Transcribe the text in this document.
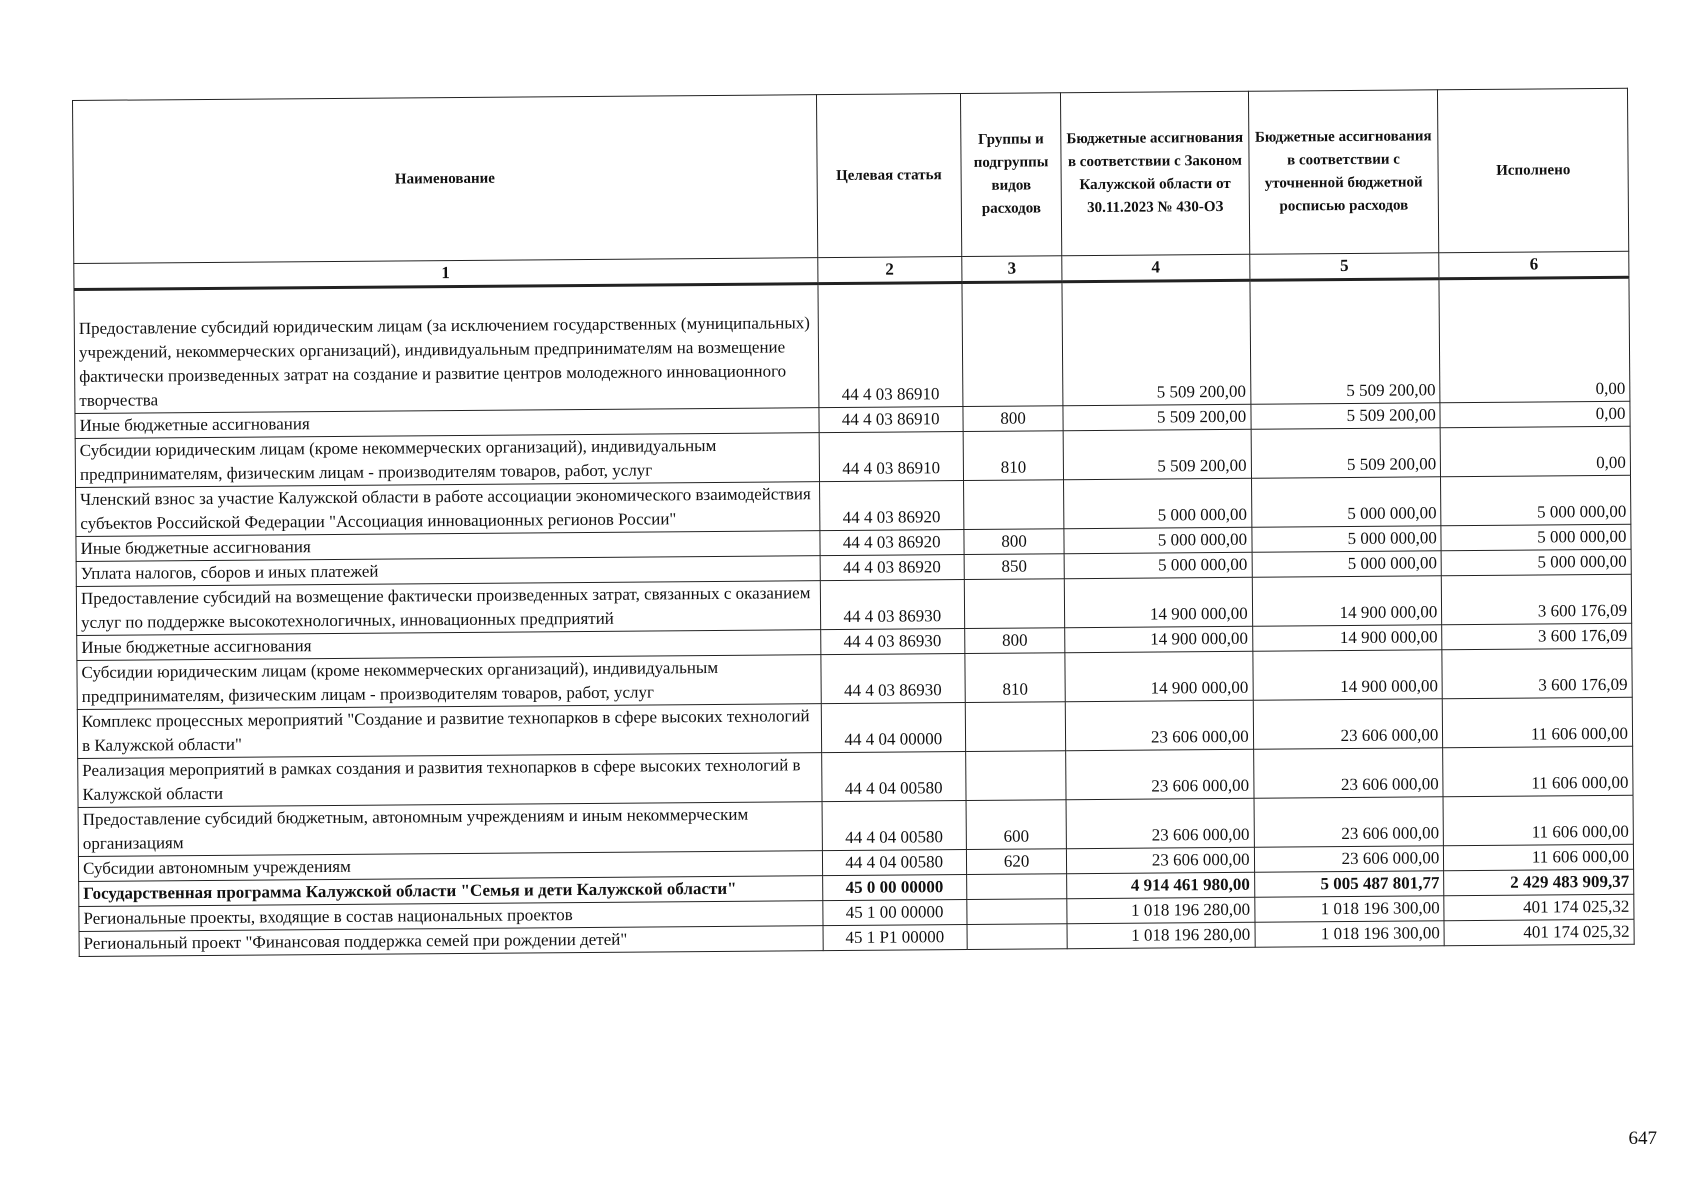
Наименование	Целевая статья	Группы и подгруппы видов расходов	Бюджетные ассигнования в соответствии с Законом Калужской области от 30.11.2023 № 430-ОЗ	Бюджетные ассигнования в соответствии с уточненной бюджетной росписью расходов	Исполнено
1	2	3	4	5	6
Предоставление субсидий юридическим лицам (за исключением государственных (муниципальных) учреждений, некоммерческих организаций), индивидуальным предпринимателям на возмещение фактически произведенных затрат на создание и развитие центров молодежного инновационного творчества	44 4 03 86910		5 509 200,00	5 509 200,00	0,00
Иные бюджетные ассигнования	44 4 03 86910	800	5 509 200,00	5 509 200,00	0,00
Субсидии юридическим лицам (кроме некоммерческих организаций), индивидуальным предпринимателям, физическим лицам - производителям товаров, работ, услуг	44 4 03 86910	810	5 509 200,00	5 509 200,00	0,00
Членский взнос за участие Калужской области в работе ассоциации экономического взаимодействия субъектов Российской Федерации "Ассоциация инновационных регионов России"	44 4 03 86920		5 000 000,00	5 000 000,00	5 000 000,00
Иные бюджетные ассигнования	44 4 03 86920	800	5 000 000,00	5 000 000,00	5 000 000,00
Уплата налогов, сборов и иных платежей	44 4 03 86920	850	5 000 000,00	5 000 000,00	5 000 000,00
Предоставление субсидий на возмещение фактически произведенных затрат, связанных с оказанием услуг по поддержке высокотехнологичных, инновационных предприятий	44 4 03 86930		14 900 000,00	14 900 000,00	3 600 176,09
Иные бюджетные ассигнования	44 4 03 86930	800	14 900 000,00	14 900 000,00	3 600 176,09
Субсидии юридическим лицам (кроме некоммерческих организаций), индивидуальным предпринимателям, физическим лицам - производителям товаров, работ, услуг	44 4 03 86930	810	14 900 000,00	14 900 000,00	3 600 176,09
Комплекс процессных мероприятий "Создание и развитие технопарков в сфере высоких технологий в Калужской области"	44 4 04 00000		23 606 000,00	23 606 000,00	11 606 000,00
Реализация мероприятий в рамках создания и развития технопарков в сфере высоких технологий в Калужской области	44 4 04 00580		23 606 000,00	23 606 000,00	11 606 000,00
Предоставление субсидий бюджетным, автономным учреждениям и иным некоммерческим организациям	44 4 04 00580	600	23 606 000,00	23 606 000,00	11 606 000,00
Субсидии автономным учреждениям	44 4 04 00580	620	23 606 000,00	23 606 000,00	11 606 000,00
Государственная программа Калужской области "Семья и дети Калужской области"	45 0 00 00000		4 914 461 980,00	5 005 487 801,77	2 429 483 909,37
Региональные проекты, входящие в состав национальных проектов	45 1 00 00000		1 018 196 280,00	1 018 196 300,00	401 174 025,32
Региональный проект "Финансовая поддержка семей при рождении детей"	45 1 Р1 00000		1 018 196 280,00	1 018 196 300,00	401 174 025,32
647
